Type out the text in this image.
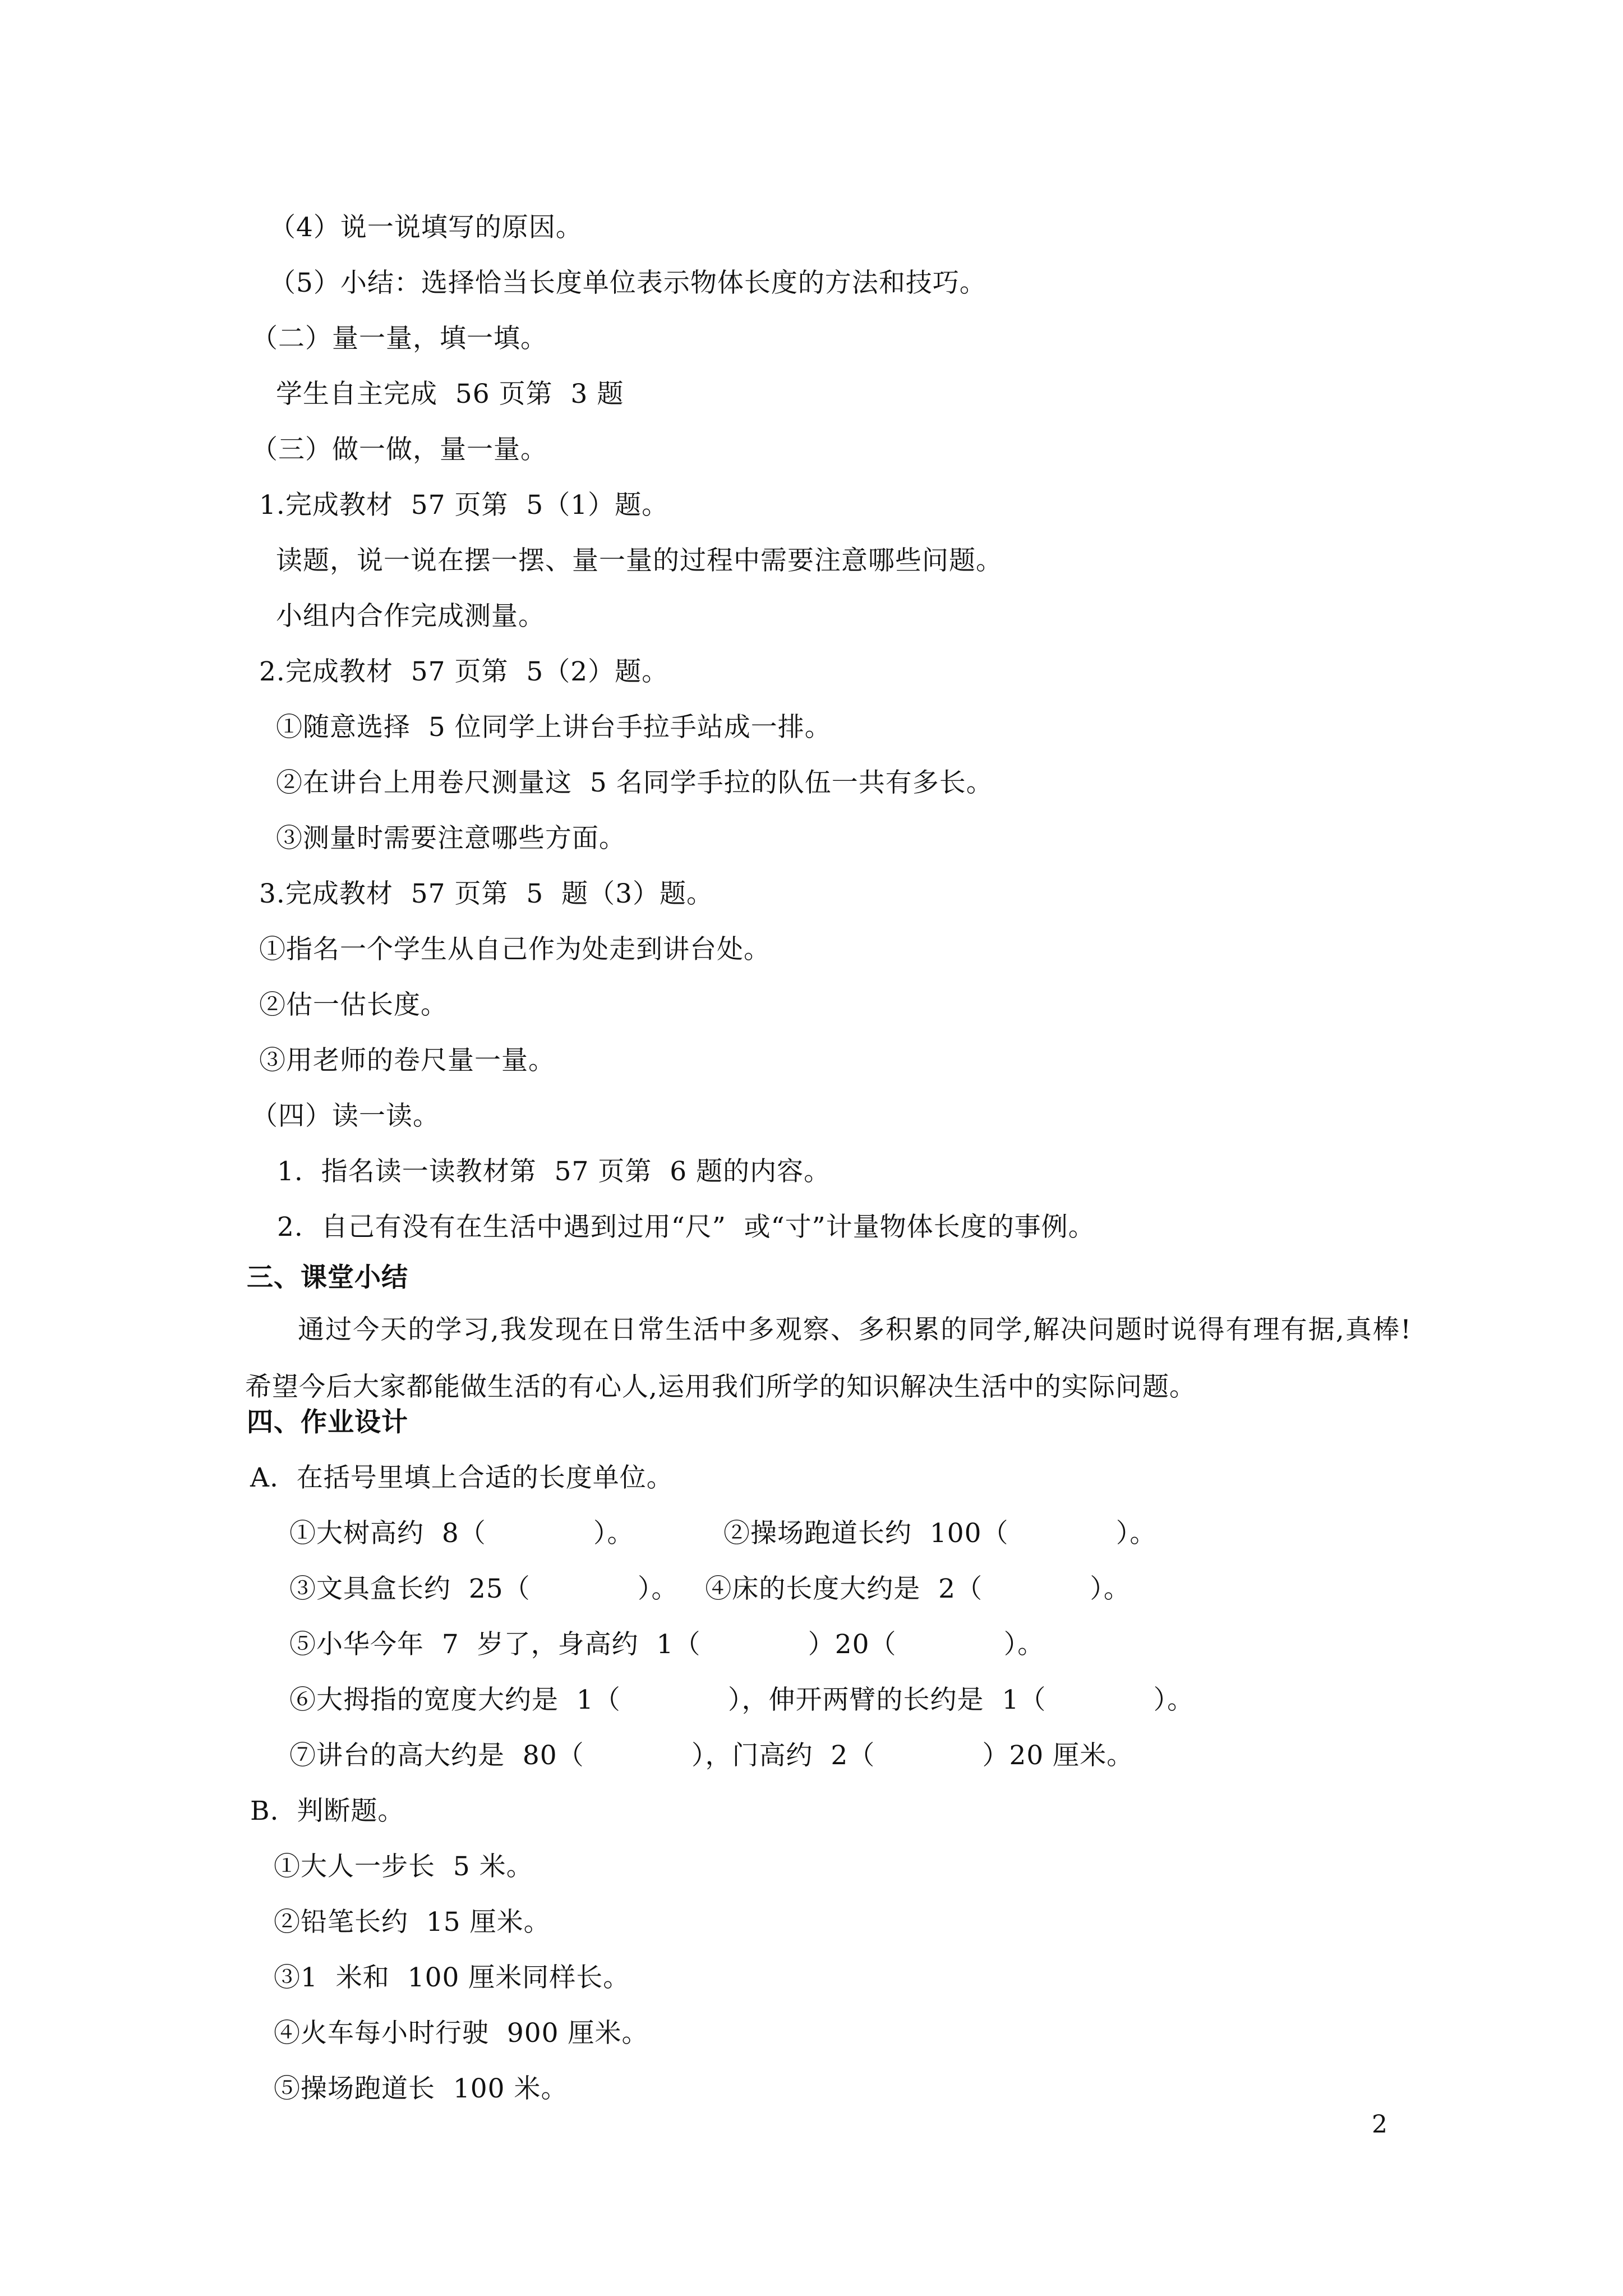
（4）说一说填写的原因。
（5）小结：选择恰当长度单位表示物体长度的方法和技巧。
（二）量一量，填一填。
学生自主完成  56 页第  3 题
（三）做一做，量一量。
1.完成教材  57 页第  5（1）题。
读题，说一说在摆一摆、量一量的过程中需要注意哪些问题。
小组内合作完成测量。
2.完成教材  57 页第  5（2）题。
①随意选择  5 位同学上讲台手拉手站成一排。
②在讲台上用卷尺测量这  5 名同学手拉的队伍一共有多长。
③测量时需要注意哪些方面。
3.完成教材  57 页第  5  题（3）题。
①指名一个学生从自己作为处走到讲台处。
②估一估长度。
③用老师的卷尺量一量。
（四）读一读。
1.  指名读一读教材第  57 页第  6 题的内容。
2.  自己有没有在生活中遇到过用“尺”  或“寸”计量物体长度的事例。
三、课堂小结
通过今天的学习,我发现在日常生活中多观察、多积累的同学,解决问题时说得有理有据,真棒!希望今后大家都能做生活的有心人,运用我们所学的知识解决生活中的实际问题。
四、作业设计
A.  在括号里填上合适的长度单位。
①大树高约  8（            ）。          ②操场跑道长约  100（            ）。
③文具盒长约  25（            ）。   ④床的长度大约是  2（            ）。
⑤小华今年  7  岁了，身高约  1（            ）20（            ）。
⑥大拇指的宽度大约是  1（            ），伸开两臂的长约是  1（            ）。
⑦讲台的高大约是  80（            ），门高约  2（            ）20 厘米。
B.  判断题。
①大人一步长  5 米。
②铅笔长约  15 厘米。
③1  米和  100 厘米同样长。
④火车每小时行驶  900 厘米。
⑤操场跑道长  100 米。
2
